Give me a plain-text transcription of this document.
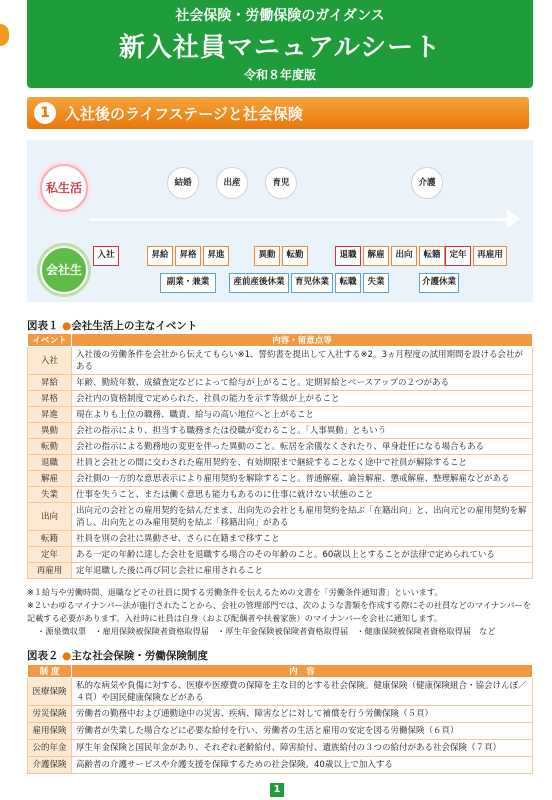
社会保険・労働保険のガイダンス
新入社員マニュアルシート
令和８年度版
1	入社後のライフステージと社会保険
私生活
会社生活
結婚	出産	育児	介護
入社	昇給	昇格	昇進	異動	転勤	退職	解雇	出向	転籍	定年	再雇用
副業・兼業	産前産後休業	育児休業	転職	失業	介護休業
図表１ ●会社生活上の主なイベント
イベント	内容・留意点等
入社	入社後の労働条件を会社から伝えてもらい※1、誓約書を提出して入社する※2。3ヵ月程度の試用期間を設ける会社がある
昇給	年齢、勤続年数、成績査定などによって給与が上がること。定期昇給とベースアップの２つがある
昇格	会社内の資格制度で定められた、社員の能力を示す等級が上がること
昇進	現在よりも上位の職務、職責、給与の高い地位へと上がること
異動	会社の指示により、担当する職務または役職が変わること。「人事異動」ともいう
転勤	会社の指示による勤務地の変更を伴った異動のこと。転居を余儀なくされたり、単身赴任になる場合もある
退職	社員と会社との間に交わされた雇用契約を、有効期限まで継続することなく途中で社員が解除すること
解雇	会社側の一方的な意思表示により雇用契約を解除すること。普通解雇、諭旨解雇、懲戒解雇、整理解雇などがある
失業	仕事を失うこと、または働く意思も能力もあるのに仕事に就けない状態のこと
出向	出向元の会社との雇用契約を結んだまま、出向先の会社とも雇用契約を結ぶ「在籍出向」と、出向元との雇用契約を解消し、出向先とのみ雇用契約を結ぶ「移籍出向」がある
転籍	社員を別の会社に異動させ、さらに在籍まで移すこと
定年	ある一定の年齢に達した会社を退職する場合のその年齢のこと。60歳以上とすることが法律で定められている
再雇用	定年退職した後に再び同じ会社に雇用されること
※１給与や労働時間、退職などその社員に関する労働条件を伝えるための文書を「労働条件通知書」といいます。
※２いわゆるマイナンバー法が施行されたことから、会社の管理部門では、次のような書類を作成する際にその社員などのマイナンバーを記載する必要があります。入社時に社員は自身（および配偶者や扶養家族）のマイナンバーを会社に通知します。
・源泉徴収票　・雇用保険被保険者資格取得届　・厚生年金保険被保険者資格取得届　・健康保険被保険者資格取得届　など
図表２ ●主な社会保険・労働保険制度
制 度	内　容
医療保険	私的な病気や負傷に対する、医療や医療費の保障を主な目的とする社会保険。健康保険（健康保険組合・協会けんぽ／４頁）や国民健康保険などがある
労災保険	労働者の勤務中および通勤途中の災害、疾病、障害などに対して補償を行う労働保険（５頁）
雇用保険	労働者が失業した場合などに必要な給付を行い、労働者の生活と雇用の安定を図る労働保険（６頁）
公的年金	厚生年金保険と国民年金があり、それぞれ老齢給付、障害給付、遺族給付の３つの給付がある社会保険（７頁）
介護保険	高齢者の介護サービスや介護支援を保障するための社会保険。40歳以上で加入する
1
